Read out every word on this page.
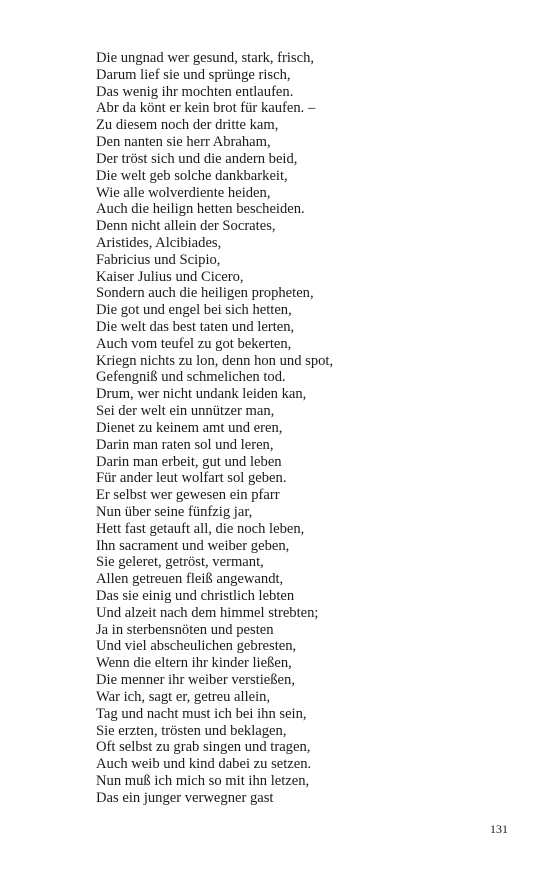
Die ungnad wer gesund, stark, frisch,
Darum lief sie und sprünge risch,
Das wenig ihr mochten entlaufen.
Abr da könt er kein brot für kaufen. –
Zu diesem noch der dritte kam,
Den nanten sie herr Abraham,
Der tröst sich und die andern beid,
Die welt geb solche dankbarkeit,
Wie alle wolverdiente heiden,
Auch die heilign hetten bescheiden.
Denn nicht allein der Socrates,
Aristides, Alcibiades,
Fabricius und Scipio,
Kaiser Julius und Cicero,
Sondern auch die heiligen propheten,
Die got und engel bei sich hetten,
Die welt das best taten und lerten,
Auch vom teufel zu got bekerten,
Kriegn nichts zu lon, denn hon und spot,
Gefengniß und schmelichen tod.
Drum, wer nicht undank leiden kan,
Sei der welt ein unnützer man,
Dienet zu keinem amt und eren,
Darin man raten sol und leren,
Darin man erbeit, gut und leben
Für ander leut wolfart sol geben.
Er selbst wer gewesen ein pfarr
Nun über seine fünfzig jar,
Hett fast getauft all, die noch leben,
Ihn sacrament und weiber geben,
Sie geleret, getröst, vermant,
Allen getreuen fleiß angewandt,
Das sie einig und christlich lebten
Und alzeit nach dem himmel strebten;
Ja in sterbensnöten und pesten
Und viel abscheulichen gebresten,
Wenn die eltern ihr kinder ließen,
Die menner ihr weiber verstießen,
War ich, sagt er, getreu allein,
Tag und nacht must ich bei ihn sein,
Sie erzten, trösten und beklagen,
Oft selbst zu grab singen und tragen,
Auch weib und kind dabei zu setzen.
Nun muß ich mich so mit ihn letzen,
Das ein junger verwegner gast
131
